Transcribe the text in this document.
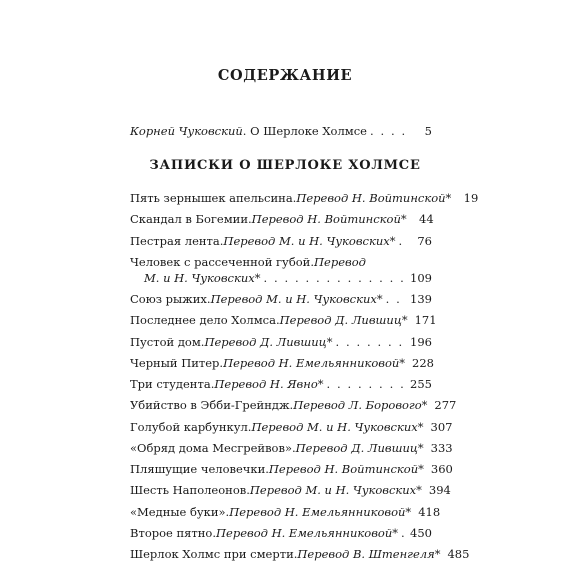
СОДЕРЖАНИЕ
Корней Чуковский . О Шерлоке Холмсе . . .	5
ЗАПИСКИ О ШЕРЛОКЕ ХОЛМСЕ
Пять зернышек апельсина. Перевод Н. Войтинской*	19
Скандал в Богемии. Перевод Н. Войтинской*	44
Пестрая лента. Перевод М. и Н. Чуковских* . . .	76
Человек с рассеченной губой. Перевод
М. и Н. Чуковских* . . .	109
Союз рыжих. Перевод М. и Н. Чуковских* . . . 139
Последнее дело Холмса. Перевод Д. Лившиц* 171
Пустой дом. Перевод Д. Лившиц* . . .	196
Черный Питер. Перевод Н. Емельянниковой* 228
Три студента. Перевод Н. Явно* . . .	255
Убийство в Эбби-Грейндж. Перевод Л. Борового* 277
Голубой карбункул. Перевод М. и Н. Чуковских* 307
«Обряд дома Месгрейвов». Перевод Д. Лившиц* 333
Пляшущие человечки. Перевод Н. Войтинской* 360
Шесть Наполеонов. Перевод М. и Н. Чуковских* 394
«Медные буки». Перевод Н. Емельянниковой* 418
Второе пятно. Перевод Н. Емельянниковой* . . . 450
Шерлок Холмс при смерти. Перевод В. Штенгеля* 485
